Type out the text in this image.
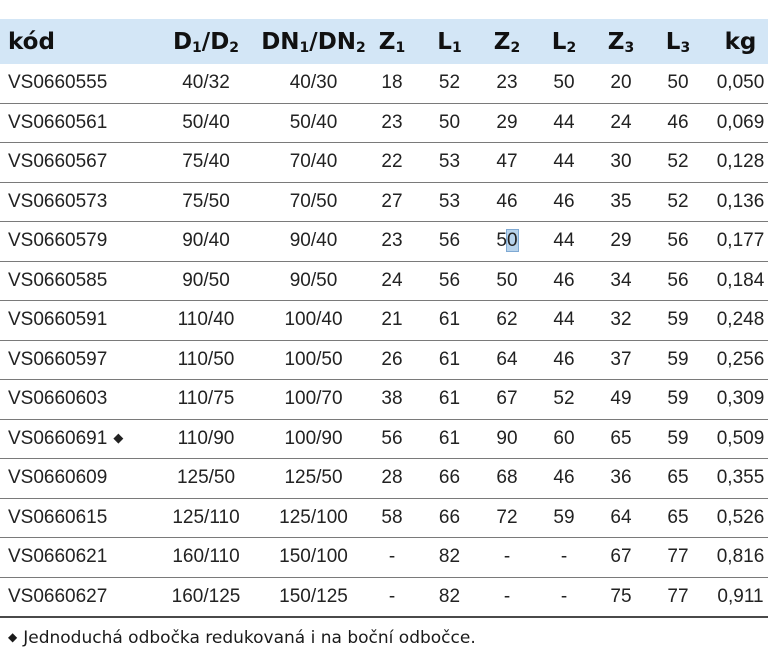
kód	$D_1/D_2$	$DN_1/DN_2$	$Z_1$	$L_1$	$Z_2$	$L_2$	$Z_3$	$L_3$	kg
VS0660555	40/32	40/30	18	52	23	50	20	50	0,050
VS0660561	50/40	50/40	23	50	29	44	24	46	0,069
VS0660567	75/40	70/40	22	53	47	44	30	52	0,128
VS0660573	75/50	70/50	27	53	46	46	35	52	0,136
VS0660579	90/40	90/40	23	56	50	44	29	56	0,177
VS0660585	90/50	90/50	24	56	50	46	34	56	0,184
VS0660591	110/40	100/40	21	61	62	44	32	59	0,248
VS0660597	110/50	100/50	26	61	64	46	37	59	0,256
VS0660603	110/75	100/70	38	61	67	52	49	59	0,309
VS0660691 ◆	110/90	100/90	56	61	90	60	65	59	0,509
VS0660609	125/50	125/50	28	66	68	46	36	65	0,355
VS0660615	125/110	125/100	58	66	72	59	64	65	0,526
VS0660621	160/110	150/100	-	82	-	-	67	77	0,816
VS0660627	160/125	150/125	-	82	-	-	75	77	0,911
◆ Jednoduchá odbočka redukovaná i na boční odbočce.
